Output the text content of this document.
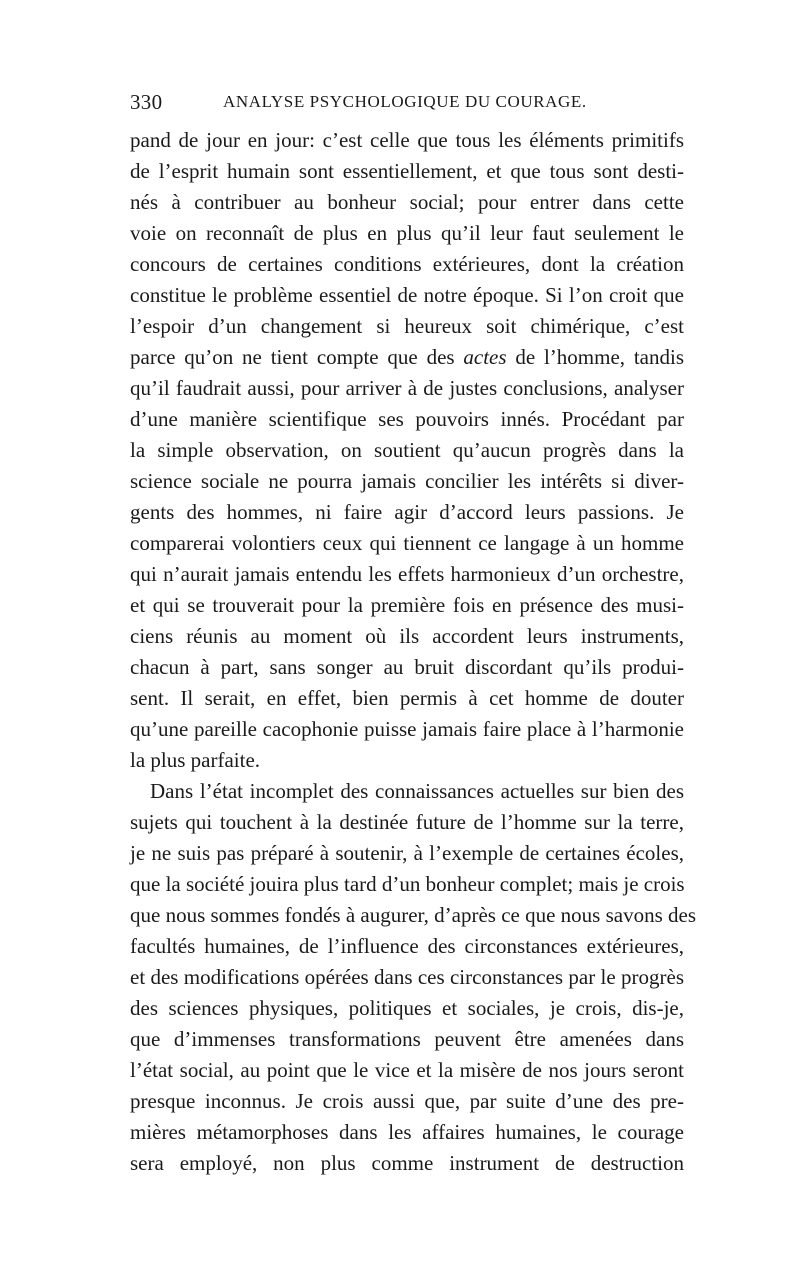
330	ANALYSE PSYCHOLOGIQUE DU COURAGE.
pand de jour en jour: c’est celle que tous les éléments primitifs
de l’esprit humain sont essentiellement, et que tous sont desti-
nés à contribuer au bonheur social; pour entrer dans cette
voie on reconnaît de plus en plus qu’il leur faut seulement le
concours de certaines conditions extérieures, dont la création
constitue le problème essentiel de notre époque. Si l’on croit que
l’espoir d’un changement si heureux soit chimérique, c’est
parce qu’on ne tient compte que des actes de l’homme, tandis
qu’il faudrait aussi, pour arriver à de justes conclusions, analyser
d’une manière scientifique ses pouvoirs innés. Procédant par
la simple observation, on soutient qu’aucun progrès dans la
science sociale ne pourra jamais concilier les intérêts si diver-
gents des hommes, ni faire agir d’accord leurs passions. Je
comparerai volontiers ceux qui tiennent ce langage à un homme
qui n’aurait jamais entendu les effets harmonieux d’un orchestre,
et qui se trouverait pour la première fois en présence des musi-
ciens réunis au moment où ils accordent leurs instruments,
chacun à part, sans songer au bruit discordant qu’ils produi-
sent. Il serait, en effet, bien permis à cet homme de douter
qu’une pareille cacophonie puisse jamais faire place à l’harmonie
la plus parfaite.
Dans l’état incomplet des connaissances actuelles sur bien des
sujets qui touchent à la destinée future de l’homme sur la terre,
je ne suis pas préparé à soutenir, à l’exemple de certaines écoles,
que la société jouira plus tard d’un bonheur complet; mais je crois
que nous sommes fondés à augurer, d’après ce que nous savons des
facultés humaines, de l’influence des circonstances extérieures,
et des modifications opérées dans ces circonstances par le progrès
des sciences physiques, politiques et sociales, je crois, dis-je,
que d’immenses transformations peuvent être amenées dans
l’état social, au point que le vice et la misère de nos jours seront
presque inconnus. Je crois aussi que, par suite d’une des pre-
mières métamorphoses dans les affaires humaines, le courage
sera employé, non plus comme instrument de destruction
